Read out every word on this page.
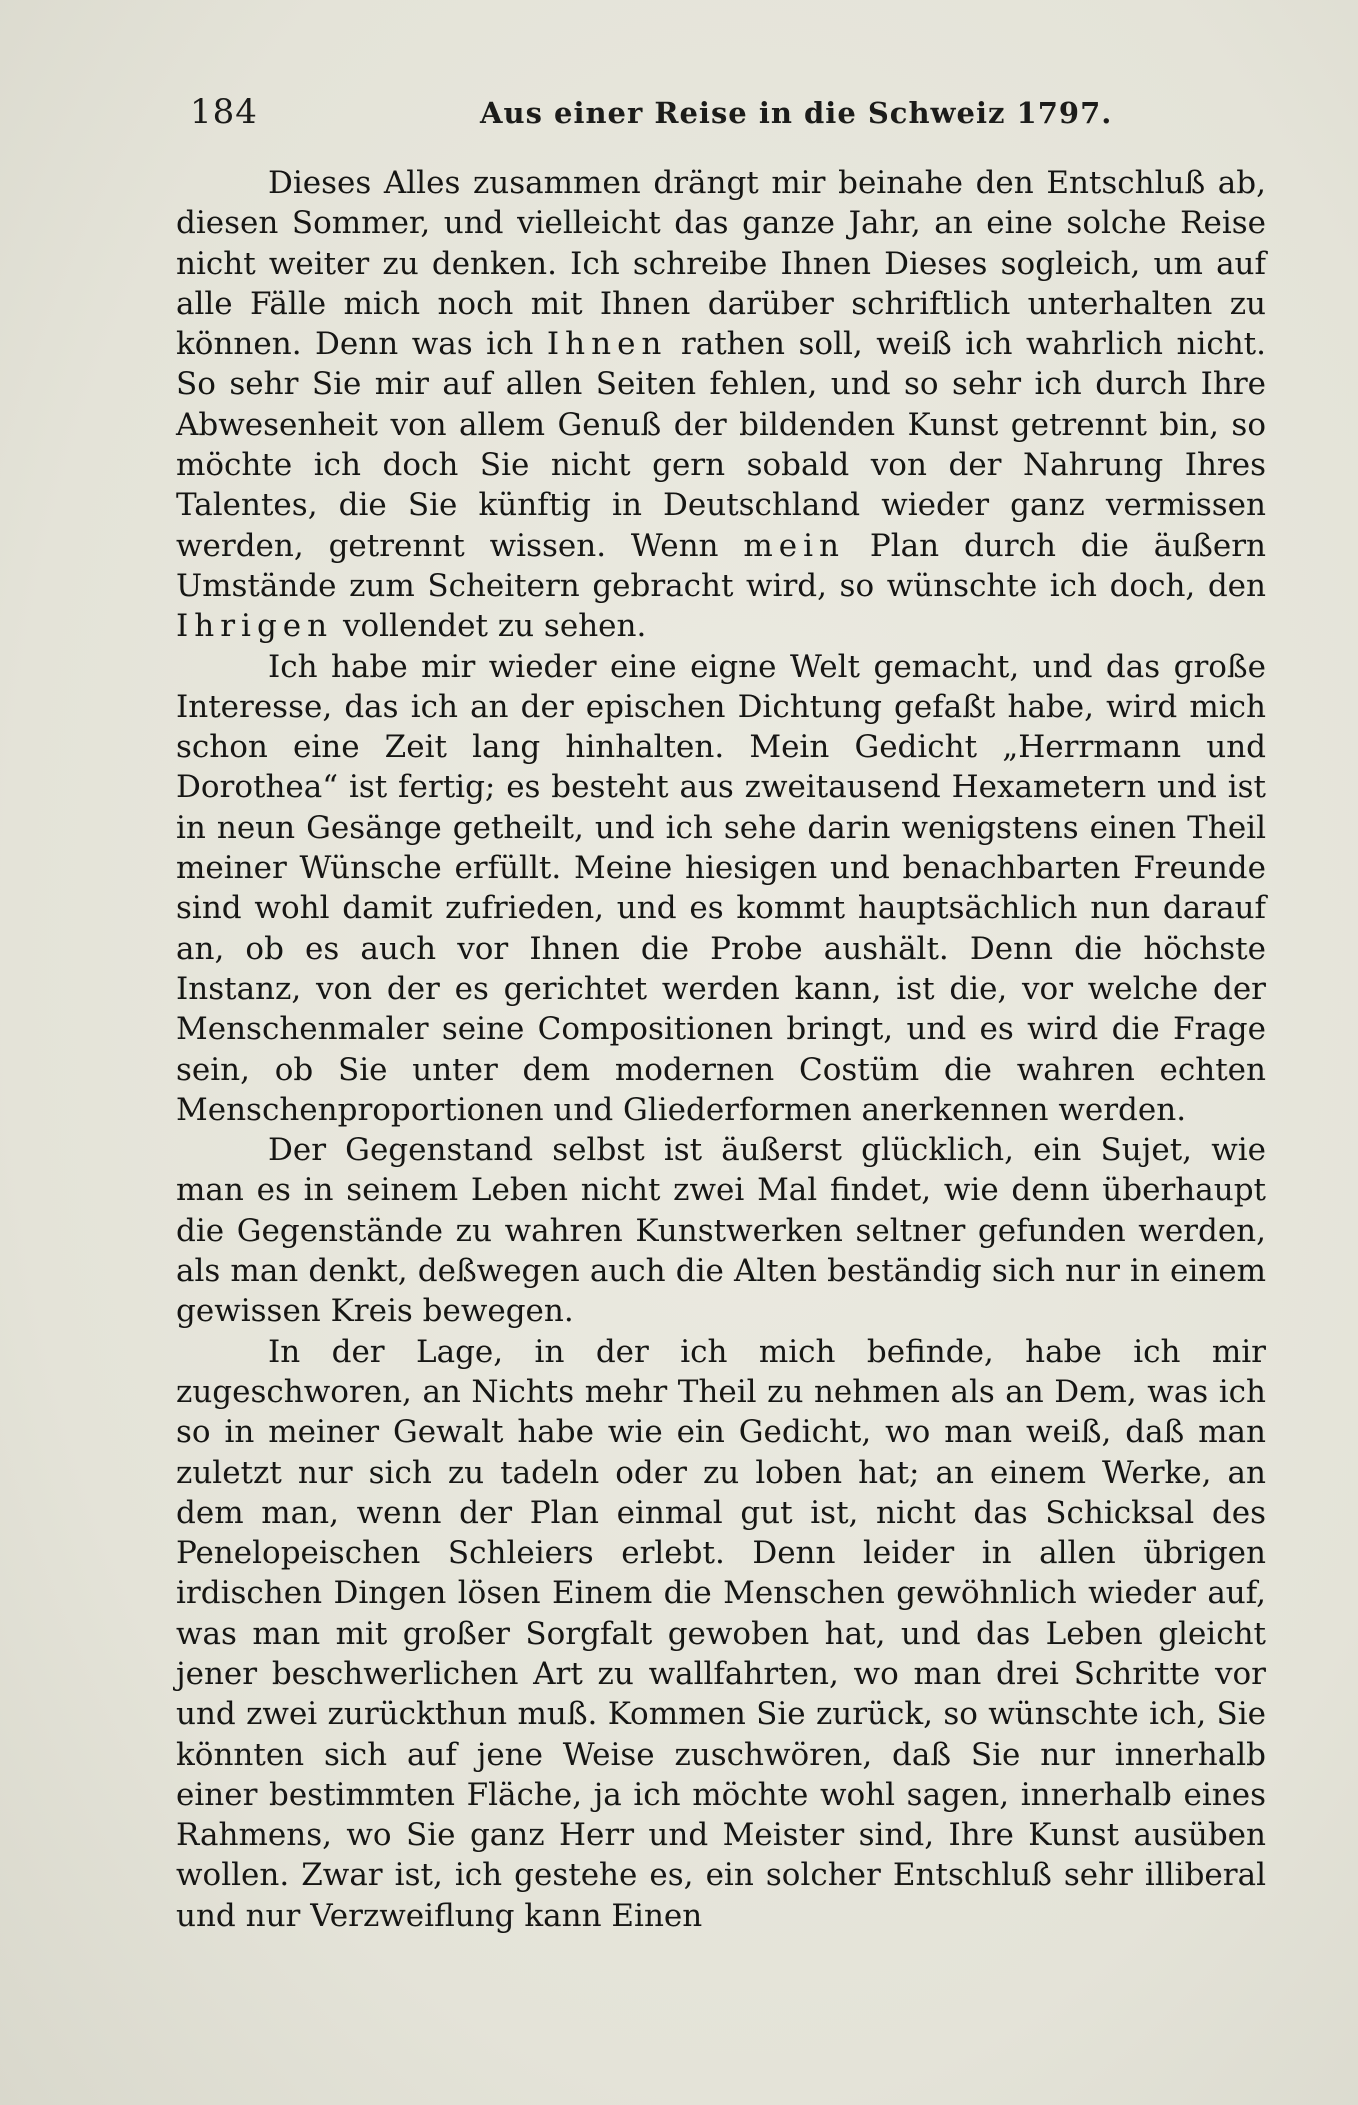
184	Aus einer Reise in die Schweiz 1797.

Dieses Alles zusammen drängt mir beinahe den Entschluß ab, diesen Sommer, und vielleicht das ganze Jahr, an eine solche Reise nicht weiter zu denken. Ich schreibe Ihnen Dieses sogleich, um auf alle Fälle mich noch mit Ihnen darüber schriftlich unterhalten zu können. Denn was ich Ihnen rathen soll, weiß ich wahrlich nicht. So sehr Sie mir auf allen Seiten fehlen, und so sehr ich durch Ihre Abwesenheit von allem Genuß der bildenden Kunst getrennt bin, so möchte ich doch Sie nicht gern sobald von der Nahrung Ihres Talentes, die Sie künftig in Deutschland wieder ganz vermissen werden, getrennt wissen. Wenn mein Plan durch die äußern Umstände zum Scheitern gebracht wird, so wünschte ich doch, den Ihrigen vollendet zu sehen.

Ich habe mir wieder eine eigne Welt gemacht, und das große Interesse, das ich an der epischen Dichtung gefaßt habe, wird mich schon eine Zeit lang hinhalten. Mein Gedicht „Herrmann und Dorothea“ ist fertig; es besteht aus zweitausend Hexametern und ist in neun Gesänge getheilt, und ich sehe darin wenigstens einen Theil meiner Wünsche erfüllt. Meine hiesigen und benachbarten Freunde sind wohl damit zufrieden, und es kommt hauptsächlich nun darauf an, ob es auch vor Ihnen die Probe aushält. Denn die höchste Instanz, von der es gerichtet werden kann, ist die, vor welche der Menschenmaler seine Compositionen bringt, und es wird die Frage sein, ob Sie unter dem modernen Costüm die wahren echten Menschenproportionen und Gliederformen anerkennen werden.

Der Gegenstand selbst ist äußerst glücklich, ein Sujet, wie man es in seinem Leben nicht zwei Mal findet, wie denn überhaupt die Gegenstände zu wahren Kunstwerken seltner gefunden werden, als man denkt, deßwegen auch die Alten beständig sich nur in einem gewissen Kreis bewegen.

In der Lage, in der ich mich befinde, habe ich mir zugeschworen, an Nichts mehr Theil zu nehmen als an Dem, was ich so in meiner Gewalt habe wie ein Gedicht, wo man weiß, daß man zuletzt nur sich zu tadeln oder zu loben hat; an einem Werke, an dem man, wenn der Plan einmal gut ist, nicht das Schicksal des Penelopeischen Schleiers erlebt. Denn leider in allen übrigen irdischen Dingen lösen Einem die Menschen gewöhnlich wieder auf, was man mit großer Sorgfalt gewoben hat, und das Leben gleicht jener beschwerlichen Art zu wallfahrten, wo man drei Schritte vor und zwei zurückthun muß. Kommen Sie zurück, so wünschte ich, Sie könnten sich auf jene Weise zuschwören, daß Sie nur innerhalb einer bestimmten Fläche, ja ich möchte wohl sagen, innerhalb eines Rahmens, wo Sie ganz Herr und Meister sind, Ihre Kunst ausüben wollen. Zwar ist, ich gestehe es, ein solcher Entschluß sehr illiberal und nur Verzweiflung kann Einen
